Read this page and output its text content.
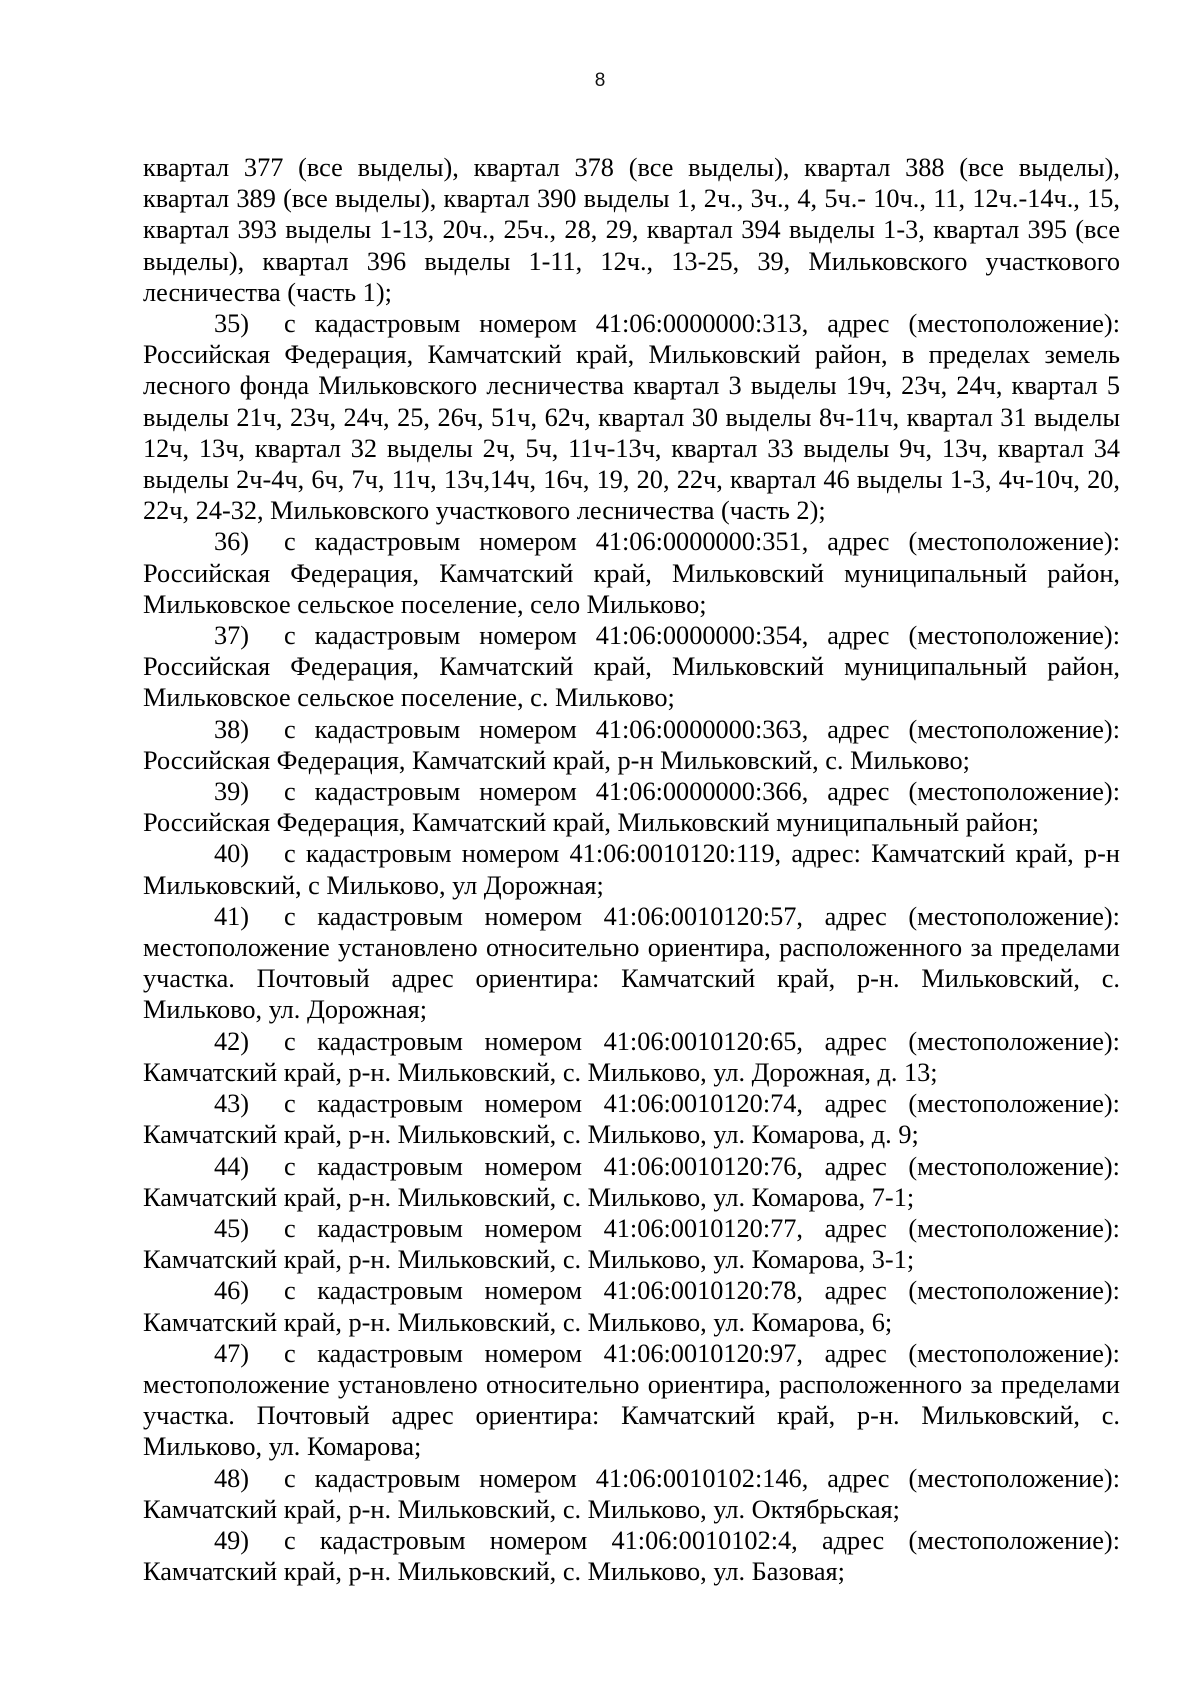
8

квартал 377 (все выделы), квартал 378 (все выделы), квартал 388 (все выделы), квартал 389 (все выделы), квартал 390 выделы 1, 2ч., 3ч., 4, 5ч.- 10ч., 11, 12ч.-14ч., 15, квартал 393 выделы 1-13, 20ч., 25ч., 28, 29, квартал 394 выделы 1-3, квартал 395 (все выделы), квартал 396 выделы 1-11, 12ч., 13-25, 39, Мильковского участкового лесничества (часть 1);

35) с кадастровым номером 41:06:0000000:313, адрес (местоположение): Российская Федерация, Камчатский край, Мильковский район, в пределах земель лесного фонда Мильковского лесничества квартал 3 выделы 19ч, 23ч, 24ч, квартал 5 выделы 21ч, 23ч, 24ч, 25, 26ч, 51ч, 62ч, квартал 30 выделы 8ч-11ч, квартал 31 выделы 12ч, 13ч, квартал 32 выделы 2ч, 5ч, 11ч-13ч, квартал 33 выделы 9ч, 13ч, квартал 34 выделы 2ч-4ч, 6ч, 7ч, 11ч, 13ч,14ч, 16ч, 19, 20, 22ч, квартал 46 выделы 1-3, 4ч-10ч, 20, 22ч, 24-32, Мильковского участкового лесничества (часть 2);

36) с кадастровым номером 41:06:0000000:351, адрес (местоположение): Российская Федерация, Камчатский край, Мильковский муниципальный район, Мильковское сельское поселение, село Мильково;

37) с кадастровым номером 41:06:0000000:354, адрес (местоположение): Российская Федерация, Камчатский край, Мильковский муниципальный район, Мильковское сельское поселение, с. Мильково;

38) с кадастровым номером 41:06:0000000:363, адрес (местоположение): Российская Федерация, Камчатский край, р-н Мильковский, с. Мильково;

39) с кадастровым номером 41:06:0000000:366, адрес (местоположение): Российская Федерация, Камчатский край, Мильковский муниципальный район;

40) с кадастровым номером 41:06:0010120:119, адрес: Камчатский край, р-н Мильковский, с Мильково, ул Дорожная;

41) с кадастровым номером 41:06:0010120:57, адрес (местоположение): местоположение установлено относительно ориентира, расположенного за пределами участка. Почтовый адрес ориентира: Камчатский край, р-н. Мильковский, с. Мильково, ул. Дорожная;

42) с кадастровым номером 41:06:0010120:65, адрес (местоположение): Камчатский край, р-н. Мильковский, с. Мильково, ул. Дорожная, д. 13;

43) с кадастровым номером 41:06:0010120:74, адрес (местоположение): Камчатский край, р-н. Мильковский, с. Мильково, ул. Комарова, д. 9;

44) с кадастровым номером 41:06:0010120:76, адрес (местоположение): Камчатский край, р-н. Мильковский, с. Мильково, ул. Комарова, 7-1;

45) с кадастровым номером 41:06:0010120:77, адрес (местоположение): Камчатский край, р-н. Мильковский, с. Мильково, ул. Комарова, 3-1;

46) с кадастровым номером 41:06:0010120:78, адрес (местоположение): Камчатский край, р-н. Мильковский, с. Мильково, ул. Комарова, 6;

47) с кадастровым номером 41:06:0010120:97, адрес (местоположение): местоположение установлено относительно ориентира, расположенного за пределами участка. Почтовый адрес ориентира: Камчатский край, р-н. Мильковский, с. Мильково, ул. Комарова;

48) с кадастровым номером 41:06:0010102:146, адрес (местоположение): Камчатский край, р-н. Мильковский, с. Мильково, ул. Октябрьская;

49) с кадастровым номером 41:06:0010102:4, адрес (местоположение): Камчатский край, р-н. Мильковский, с. Мильково, ул. Базовая;
